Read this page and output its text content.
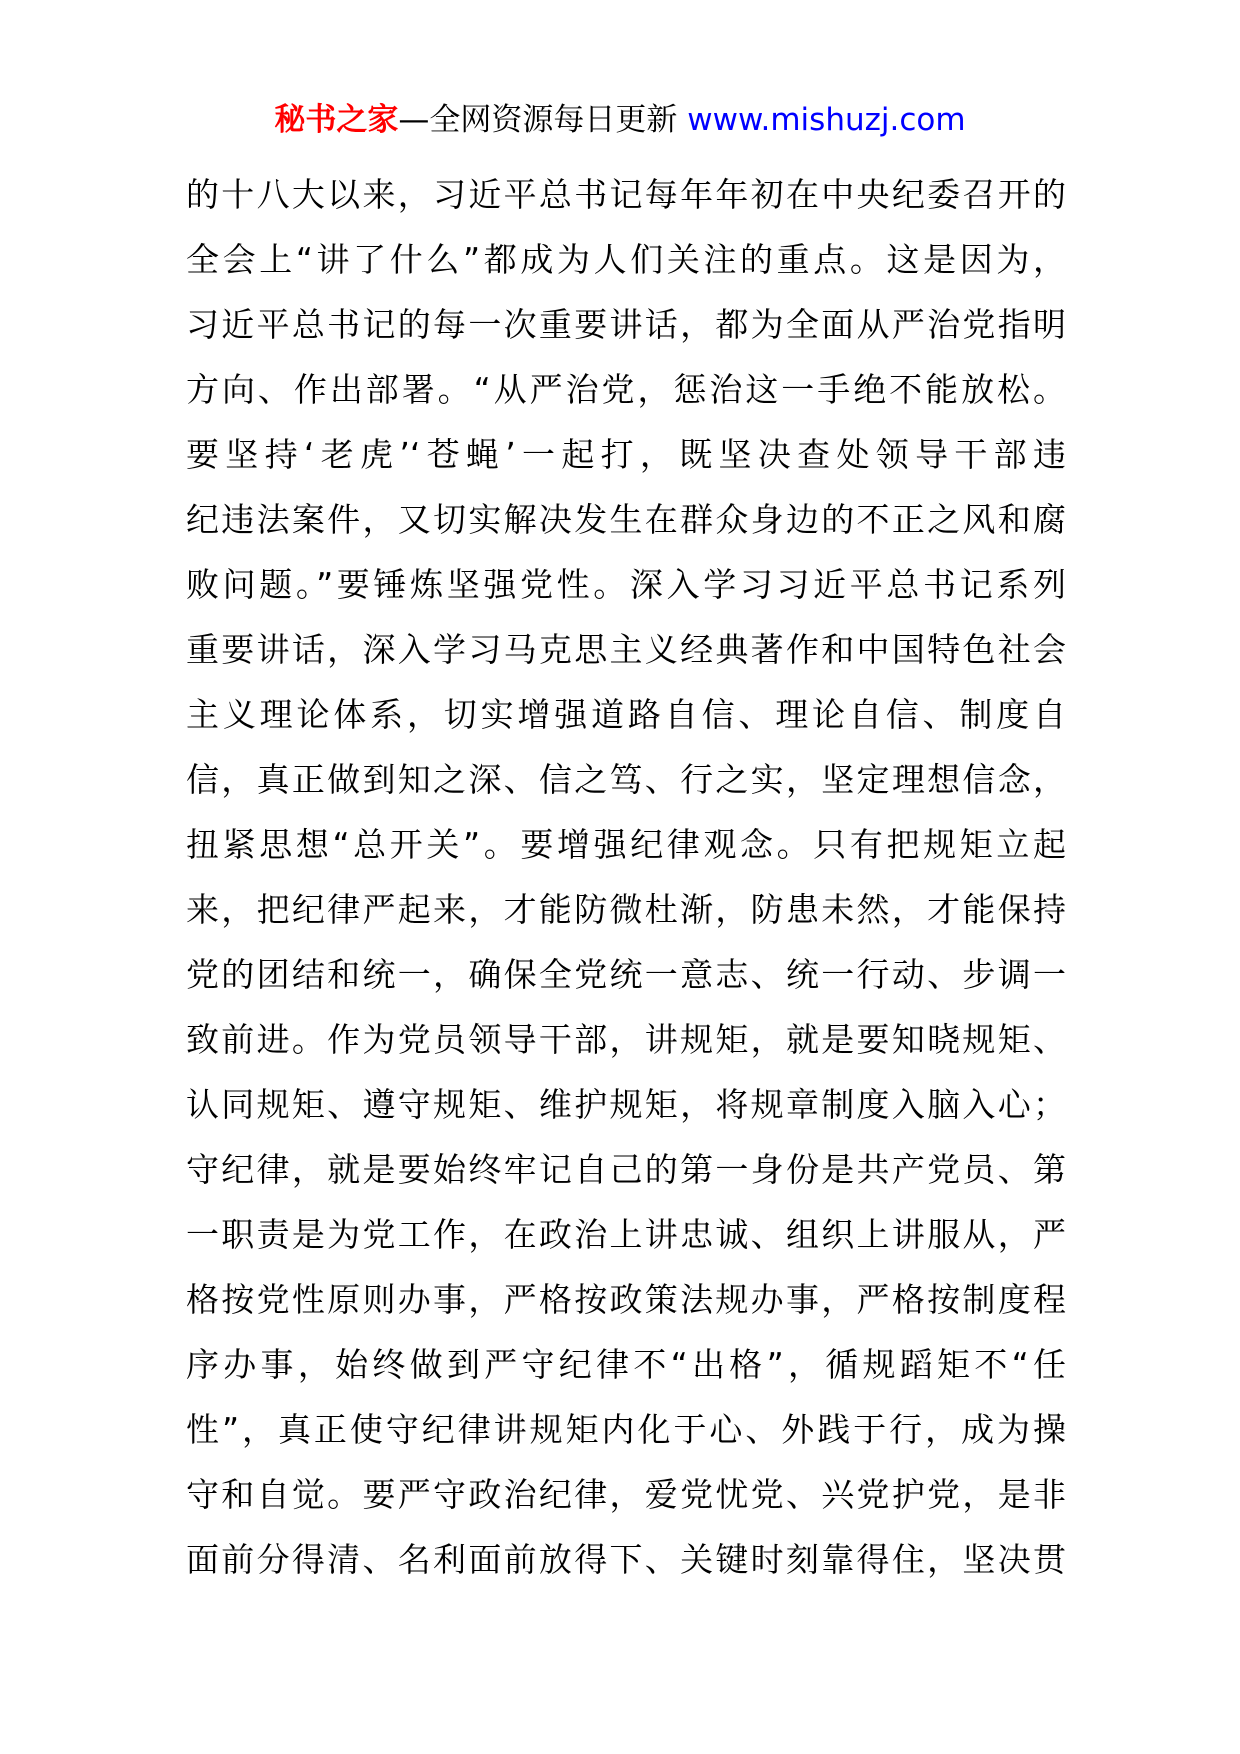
秘书之家—全网资源每日更新 www.mishuzj.com
的十八大以来，习近平总书记每年年初在中央纪委召开的
全会上“讲了什么”都成为人们关注的重点。这是因为，
习近平总书记的每一次重要讲话，都为全面从严治党指明
方向、作出部署。“从严治党，惩治这一手绝不能放松。
要坚持‘老虎’‘苍蝇’一起打，既坚决查处领导干部违
纪违法案件，又切实解决发生在群众身边的不正之风和腐
败问题。”要锤炼坚强党性。深入学习习近平总书记系列
重要讲话，深入学习马克思主义经典著作和中国特色社会
主义理论体系，切实增强道路自信、理论自信、制度自
信，真正做到知之深、信之笃、行之实，坚定理想信念，
扭紧思想“总开关”。要增强纪律观念。只有把规矩立起
来，把纪律严起来，才能防微杜渐，防患未然，才能保持
党的团结和统一，确保全党统一意志、统一行动、步调一
致前进。作为党员领导干部，讲规矩，就是要知晓规矩、
认同规矩、遵守规矩、维护规矩，将规章制度入脑入心；
守纪律，就是要始终牢记自己的第一身份是共产党员、第
一职责是为党工作，在政治上讲忠诚、组织上讲服从，严
格按党性原则办事，严格按政策法规办事，严格按制度程
序办事，始终做到严守纪律不“出格”，循规蹈矩不“任
性”，真正使守纪律讲规矩内化于心、外践于行，成为操
守和自觉。要严守政治纪律，爱党忧党、兴党护党，是非
面前分得清、名利面前放得下、关键时刻靠得住，坚决贯
